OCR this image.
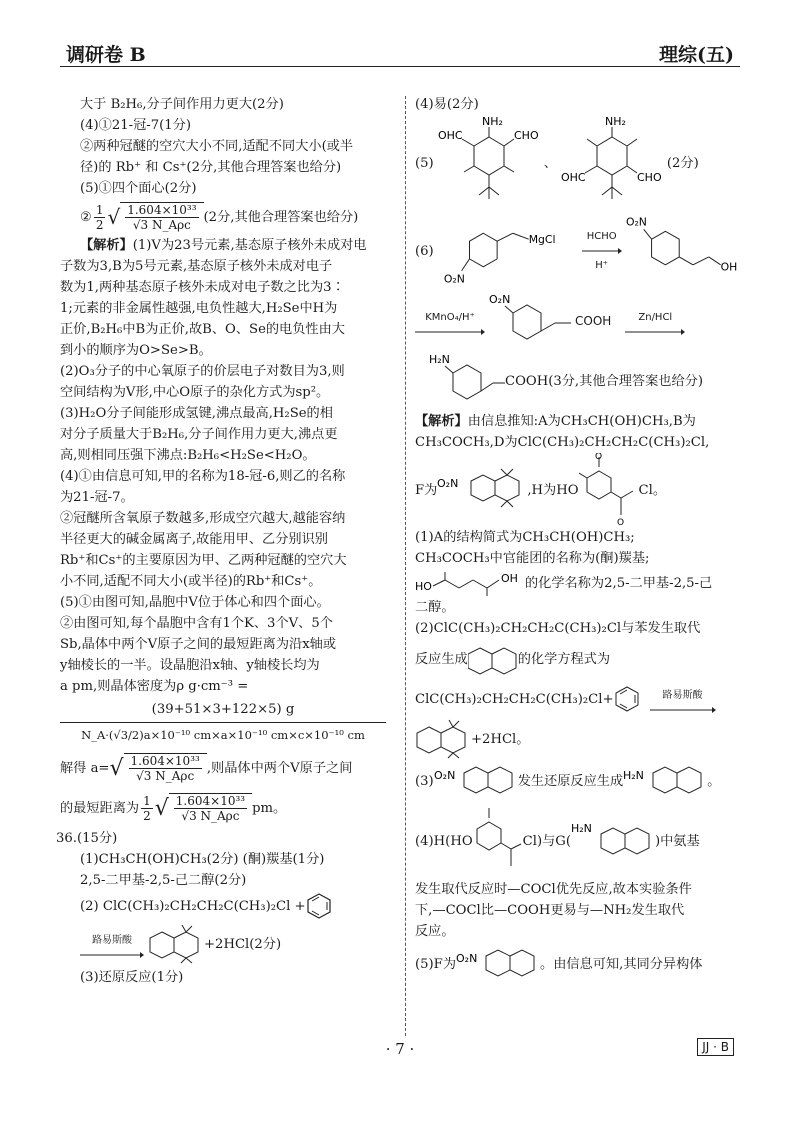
调研卷 B	理综(五)

大于 B₂H₆,分子间作用力更大(2分)

(4)①21-冠-7(1分)

②两种冠醚的空穴大小不同,适配不同大小(或半

径)的 Rb⁺ 和 Cs⁺(2分,其他合理答案也给分)

(5)①四个面心(2分)

② $\frac{1}{2}$ √ $\frac{\text{1.604×10³³}}{\text{√3 N\_Aρc}} (2$分,其他合理答案也给分)

【解析】(1)V为23号元素,基态原子核外未成对电

子数为3,B为5号元素,基态原子核外未成对电子

数为1,两种基态原子核外未成对电子数之比为3∶

1;元素的非金属性越强,电负性越大,H₂Se中H为

正价,B₂H₆中B为正价,故B、O、Se的电负性由大

到小的顺序为O>Se>B。

(2)O₃分子的中心氧原子的价层电子对数目为3,则

空间结构为V形,中心O原子的杂化方式为sp²。

(3)H₂O分子间能形成氢键,沸点最高,H₂Se的相

对分子质量大于B₂H₆,分子间作用力更大,沸点更

高,则相同压强下沸点:B₂H₆<H₂Se<H₂O。

(4)①由信息可知,甲的名称为18-冠-6,则乙的名称

为21-冠-7。

②冠醚所含氧原子数越多,形成空穴越大,越能容纳

半径更大的碱金属离子,故能用甲、乙分别识别

Rb⁺和Cs⁺的主要原因为甲、乙两种冠醚的空穴大

小不同,适配不同大小(或半径)的Rb⁺和Cs⁺。

(5)①由图可知,晶胞中V位于体心和四个面心。

②由图可知,每个晶胞中含有1个K、3个V、5个

Sb,晶体中两个V原子之间的最短距离为沿x轴或

y轴棱长的一半。设晶胞沿x轴、y轴棱长均为

a pm,则晶体密度为ρ g·cm⁻³ =

(39+51×3+122×5) g
N_A·(√3/2)a×10⁻¹⁰ cm×a×10⁻¹⁰ cm×c×10⁻¹⁰ cm
解得 a= √ $\frac{\text{1.604×10³³}}{\text{√3 N\_Aρc}}$ ,则晶体中两个V原子之间
的最短距离为 $\frac{1}{2}$ √ $\frac{\text{1.604×10³³}}{\text{√3 N\_Aρc}}$ pm。

36.(15分)

(1)CH₃CH(OH)CH₃(2分) (酮)羰基(1分)

2,5-二甲基-2,5-己二醇(2分)

(2) ClC(CH₃)₂CH₂CH₂C(CH₃)₂Cl +
路易斯酸	+2HCl(2分)

(3)还原反应(1分)

(4)易(2分)

(5)
NH₂
OHC	CHO
、
NH₂
OHC	CHO
(2分)
(6)
MgCl
O₂N
HCHO
H⁺
O₂N
OH
KMnO₄/H⁺
O₂N
COOH	Zn/HCl
H₂N
COOH(3分,其他合理答案也给分)

【解析】由信息推知:A为CH₃CH(OH)CH₃,B为

CH₃COCH₃,D为ClC(CH₃)₂CH₂CH₂C(CH₃)₂Cl,

F为 O₂N	,H为HO
O
O
Cl。

(1)A的结构简式为CH₃CH(OH)CH₃;

CH₃COCH₃中官能团的名称为(酮)羰基;

HO
OH 的化学名称为2,5-二甲基-2,5-己

二醇。

(2)ClC(CH₃)₂CH₂CH₂C(CH₃)₂Cl与苯发生取代

反应生成	的化学方程式为
ClC(CH₃)₂CH₂CH₂C(CH₃)₂Cl+	路易斯酸
+2HCl。
(3) O₂N	发生还原反应生成 H₂N	。
(4)H(HO	Cl)与G(
H₂N
)中氨基

发生取代反应时—COCl优先反应,故本实验条件

下,—COCl比—COOH更易与—NH₂发生取代

反应。

(5)F为 O₂N	。由信息可知,其同分异构体
· 7 ·	JJ · B
